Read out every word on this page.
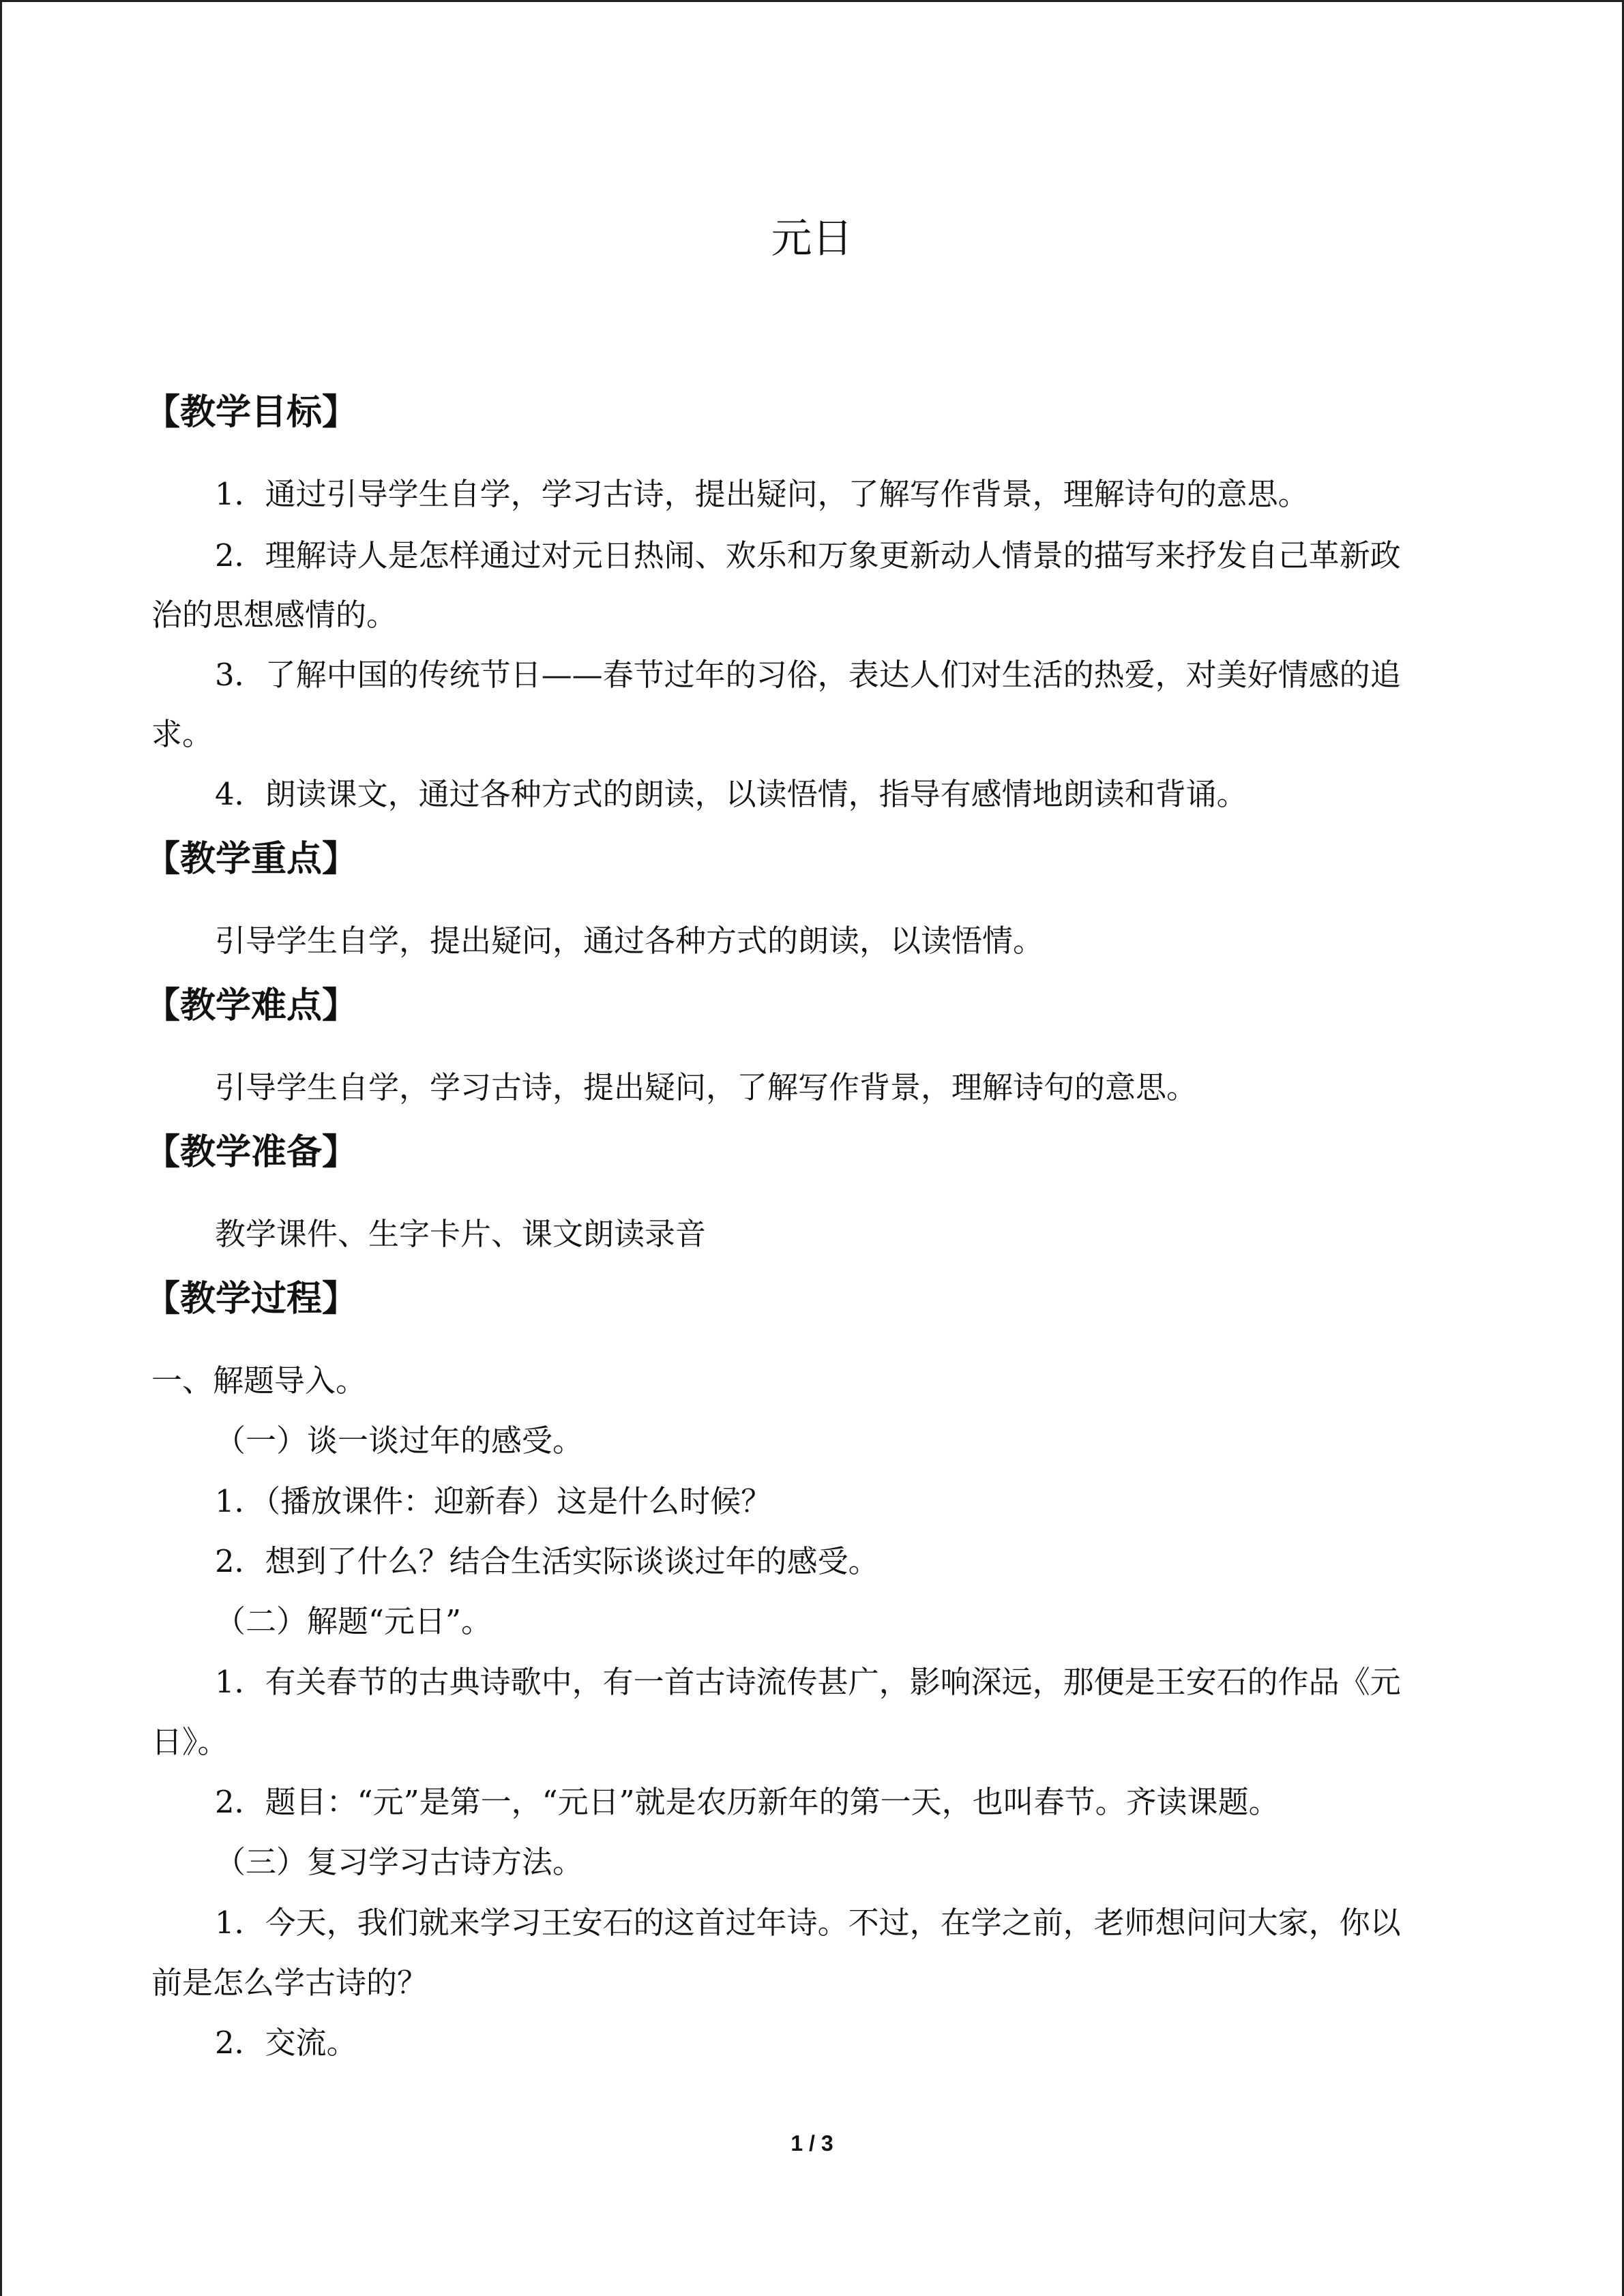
元日
【教学目标】
1．通过引导学生自学，学习古诗，提出疑问，了解写作背景，理解诗句的意思。
2．理解诗人是怎样通过对元日热闹、欢乐和万象更新动人情景的描写来抒发自己革新政
治的思想感情的。
3．了解中国的传统节日——春节过年的习俗，表达人们对生活的热爱，对美好情感的追
求。
4．朗读课文，通过各种方式的朗读，以读悟情，指导有感情地朗读和背诵。
【教学重点】
引导学生自学，提出疑问，通过各种方式的朗读，以读悟情。
【教学难点】
引导学生自学，学习古诗，提出疑问，了解写作背景，理解诗句的意思。
【教学准备】
教学课件、生字卡片、课文朗读录音
【教学过程】
一、解题导入。
（一）谈一谈过年的感受。
1．（播放课件：迎新春）这是什么时候？
2．想到了什么？结合生活实际谈谈过年的感受。
（二）解题“元日”。
1．有关春节的古典诗歌中，有一首古诗流传甚广，影响深远，那便是王安石的作品《元
日》。
2．题目：“元”是第一，“元日”就是农历新年的第一天，也叫春节。齐读课题。
（三）复习学习古诗方法。
1．今天，我们就来学习王安石的这首过年诗。不过，在学之前，老师想问问大家，你以
前是怎么学古诗的？
2．交流。
1 / 3
